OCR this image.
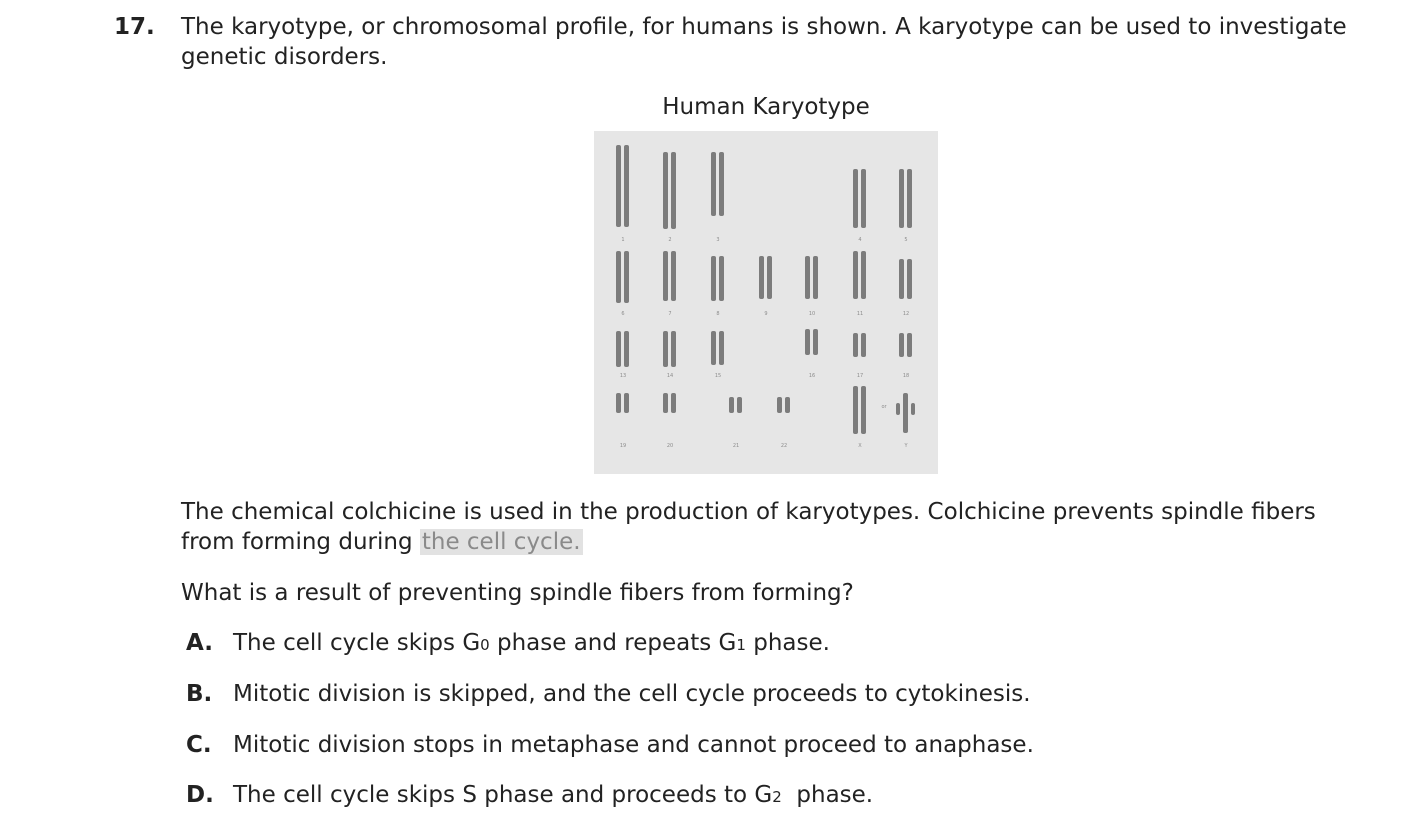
17. The karyotype, or chromosomal profile, for humans is shown. A karyotype can be used to investigate genetic disorders.
Human Karyotype
1	2	3	4	5
6	7	8	9	10	11	12
13	14	15	16	17	18
19	20	21	22	X	Y
or
The chemical colchicine is used in the production of karyotypes. Colchicine prevents spindle fibers from forming during the cell cycle.
What is a result of preventing spindle fibers from forming?
A. The cell cycle skips G0 phase and repeats G1 phase.
B. Mitotic division is skipped, and the cell cycle proceeds to cytokinesis.
C. Mitotic division stops in metaphase and cannot proceed to anaphase.
D. The cell cycle skips S phase and proceeds to G2  phase.
